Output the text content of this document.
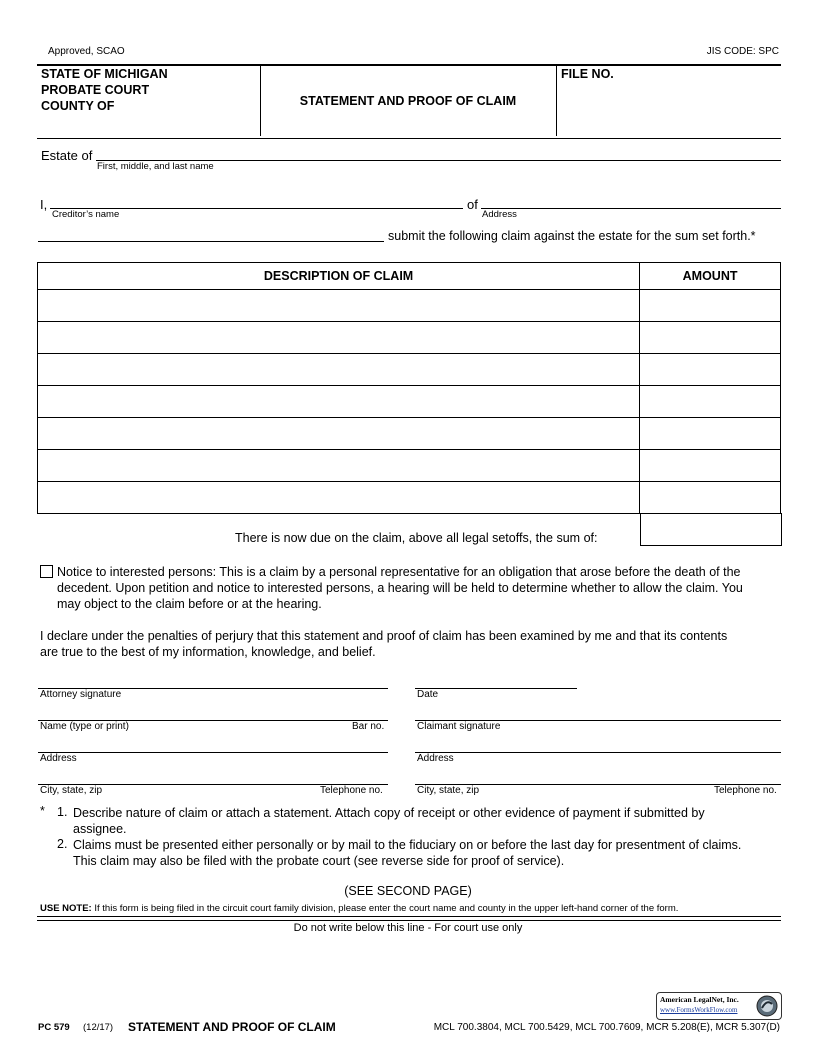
Approved, SCAO	JIS CODE: SPC
STATE OF MICHIGAN
PROBATE COURT
COUNTY OF	STATEMENT AND PROOF OF CLAIM
FILE NO.
Estate of
First, middle, and last name
I,
Creditor’s name
of
Address
submit the following claim against the estate for the sum set forth.*
DESCRIPTION OF CLAIM	AMOUNT

There is now due on the claim, above all legal setoffs, the sum of:
Notice to interested persons: This is a claim by a personal representative for an obligation that arose before the death of the
decedent. Upon petition and notice to interested persons, a hearing will be held to determine whether to allow the claim. You
may object to the claim before or at the hearing.
I declare under the penalties of perjury that this statement and proof of claim has been examined by me and that its contents
are true to the best of my information, knowledge, and belief.
Attorney signature	Date
Name (type or print)	Bar no.	Claimant signature
Address	Address
City, state, zip	Telephone no.	City, state, zip	Telephone no.
* 1. Describe nature of claim or attach a statement. Attach copy of receipt or other evidence of payment if submitted by
assignee.
2. Claims must be presented either personally or by mail to the fiduciary on or before the last day for presentment of claims.
This claim may also be filed with the probate court (see reverse side for proof of service).
(SEE SECOND PAGE)
USE NOTE: If this form is being filed in the circuit court family division, please enter the court name and county in the upper left-hand corner of the form.
Do not write below this line - For court use only
American LegalNet, Inc.
www.FormsWorkFlow.com
PC 579 (12/17) STATEMENT AND PROOF OF CLAIM	MCL 700.3804, MCL 700.5429, MCL 700.7609, MCR 5.208(E), MCR 5.307(D)
